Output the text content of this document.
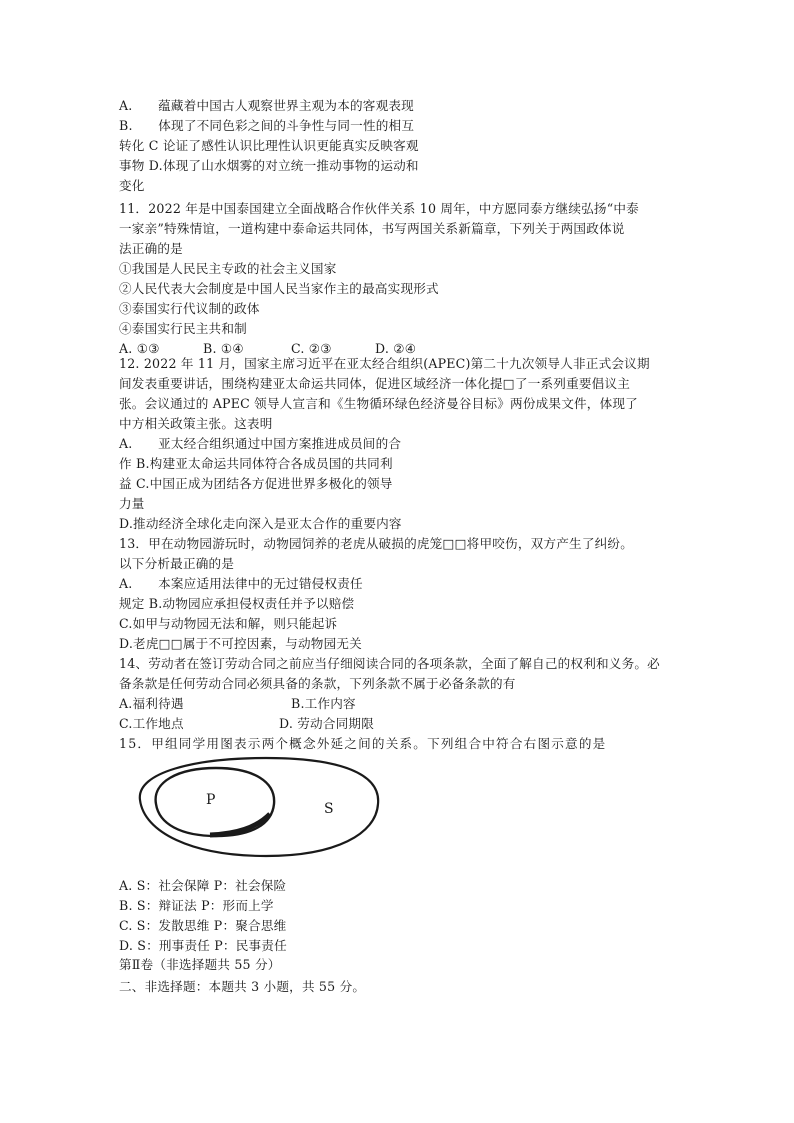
A.　　蕴藏着中国古人观察世界主观为本的客观表现
B.　　体现了不同色彩之间的斗争性与同一性的相互
转化 C 论证了感性认识比理性认识更能真实反映客观
事物 D.体现了山水烟雾的对立统一推动事物的运动和
变化
11．2022 年是中国泰国建立全面战略合作伙伴关系 10 周年，中方愿同泰方继续弘扬“中泰
一家亲”特殊情谊，一道构建中泰命运共同体，书写两国关系新篇章，下列关于两国政体说
法正确的是
①我国是人民民主专政的社会主义国家
②人民代表大会制度是中国人民当家作主的最高实现形式
③泰国实行代议制的政体
④泰国实行民主共和制
A. ①③	B. ①④	C. ②③	D. ②④
12. 2022 年 11 月，国家主席习近平在亚太经合组织(APEC)第二十九次领导人非正式会议期
间发表重要讲话，围绕构建亚太命运共同体，促进区域经济一体化提□了一系列重要倡议主
张。会议通过的 APEC 领导人宣言和《生物循环绿色经济曼谷目标》两份成果文件，体现了
中方相关政策主张。这表明
A.　　亚太经合组织通过中国方案推进成员间的合
作 B.构建亚太命运共同体符合各成员国的共同利
益 C.中国正成为团结各方促进世界多极化的领导
力量
D.推动经济全球化走向深入是亚太合作的重要内容
13．甲在动物园游玩时，动物园饲养的老虎从破损的虎笼□□将甲咬伤，双方产生了纠纷。
以下分析最正确的是
A.　　本案应适用法律中的无过错侵权责任
规定 B.动物园应承担侵权责任并予以赔偿
C.如甲与动物园无法和解，则只能起诉
D.老虎□□属于不可控因素，与动物园无关
14、劳动者在签订劳动合同之前应当仔细阅读合同的各项条款，全面了解自己的权利和义务。必
备条款是任何劳动合同必须具备的条款，下列条款不属于必备条款的有
A.福利待遇	B.工作内容
C.工作地点	D. 劳动合同期限
15．甲组同学用图表示两个概念外延之间的关系。下列组合中符合右图示意的是
P
S
A. S：社会保障 P：社会保险
B. S：辩证法 P：形而上学
C. S：发散思维 P：聚合思维
D. S：刑事责任 P：民事责任
第Ⅱ卷（非选择题共 55 分）
二、非选择题：本题共 3 小题，共 55 分。
